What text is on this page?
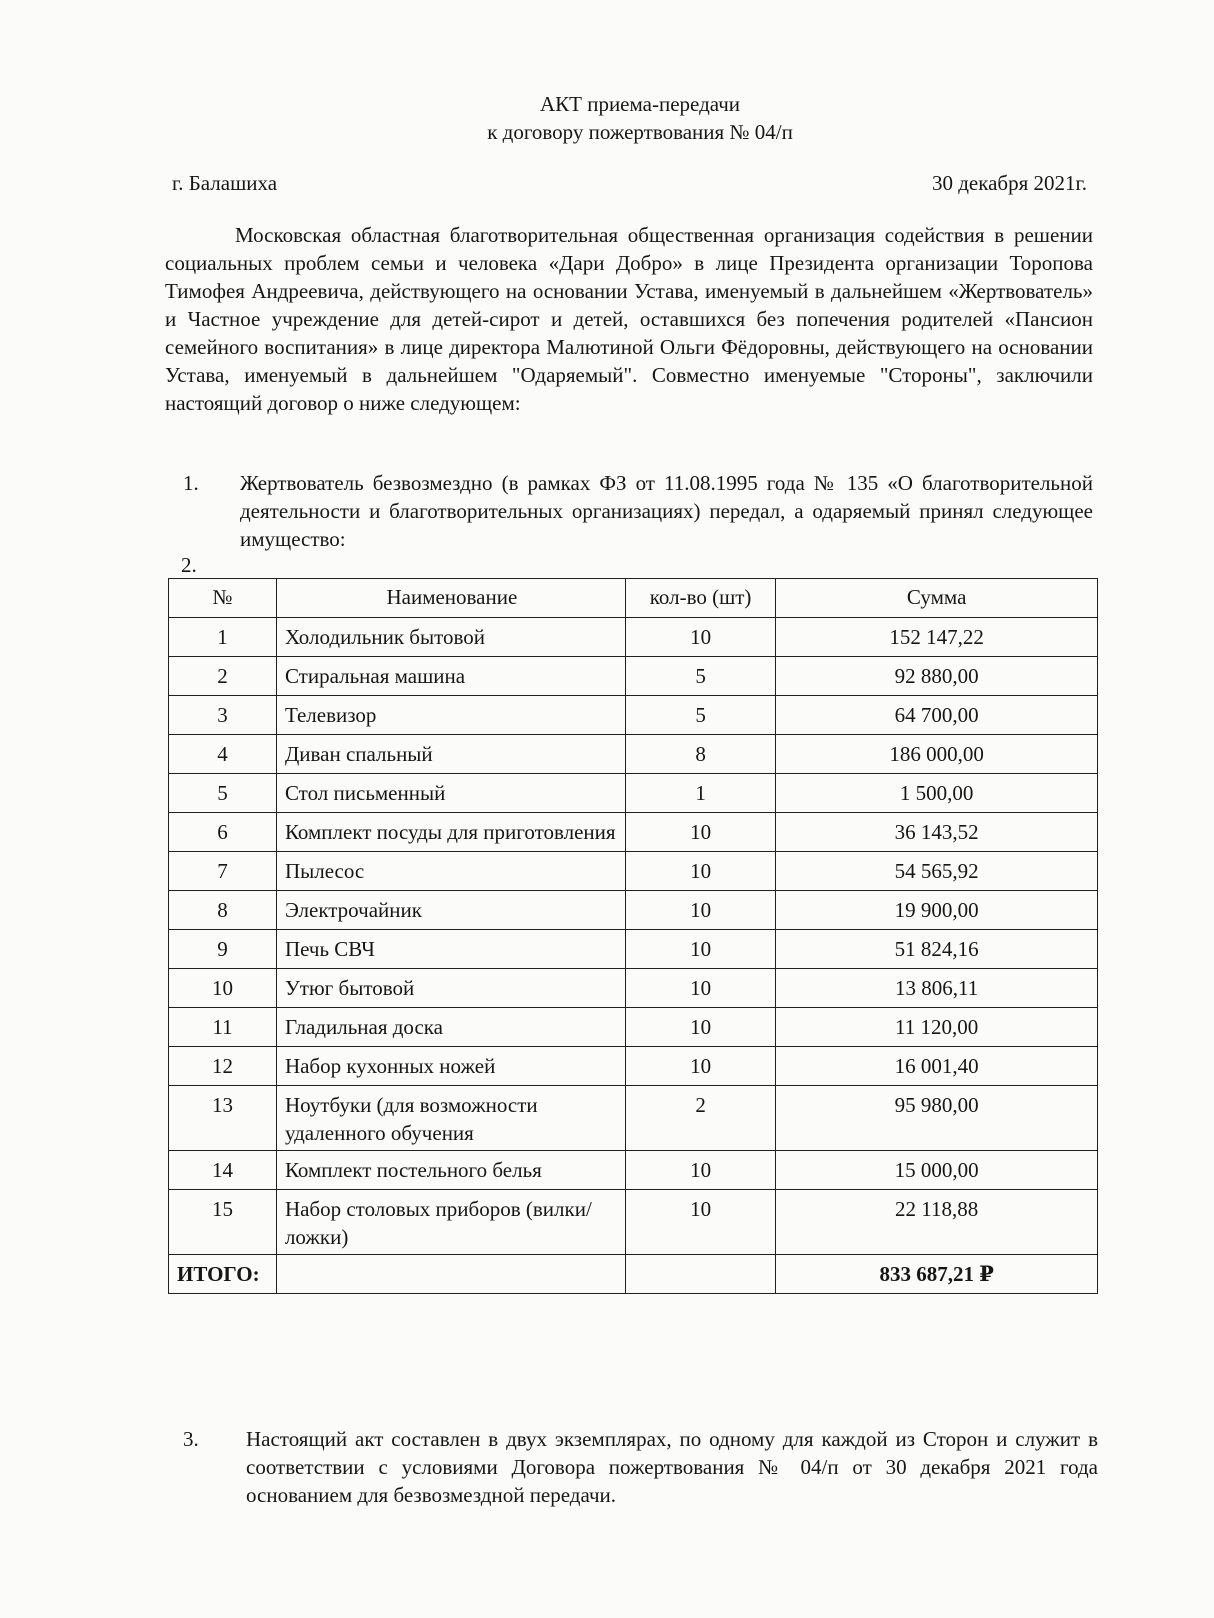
АКТ приема-передачи
к договору пожертвования № 04/п
г. Балашиха	30 декабря 2021г.

Московская областная благотворительная общественная организация содействия в решении социальных проблем семьи и человека «Дари Добро» в лице Президента организации Торопова Тимофея Андреевича, действующего на основании Устава, именуемый в дальнейшем «Жертвователь» и Частное учреждение для детей-сирот и детей, оставшихся без попечения родителей «Пансион семейного воспитания» в лице директора Малютиной Ольги Фёдоровны, действующего на основании Устава, именуемый в дальнейшем "Одаряемый". Совместно именуемые "Стороны", заключили настоящий договор о ниже следующем:

1. Жертвователь безвозмездно (в рамках ФЗ от 11.08.1995 года № 135 «О благотворительной деятельности и благотворительных организациях) передал, а одаряемый принял следующее имущество:

2.
№	Наименование	кол-во (шт)	Сумма
1	Холодильник бытовой	10	152 147,22
2	Стиральная машина	5	92 880,00
3	Телевизор	5	64 700,00
4	Диван спальный	8	186 000,00
5	Стол письменный	1	1 500,00
6	Комплект посуды для приготовления	10	36 143,52
7	Пылесос	10	54 565,92
8	Электрочайник	10	19 900,00
9	Печь СВЧ	10	51 824,16
10	Утюг бытовой	10	13 806,11
11	Гладильная доска	10	11 120,00
12	Набор кухонных ножей	10	16 001,40
13	Ноутбуки (для возможности удаленного обучения	2	95 980,00
14	Комплект постельного белья	10	15 000,00
15	Набор столовых приборов (вилки/ложки)	10	22 118,88
ИТОГО:			833 687,21 ₽
3. Настоящий акт составлен в двух экземплярах, по одному для каждой из Сторон и служит в соответствии с условиями Договора пожертвования № 04/п от 30 декабря 2021 года основанием для безвозмездной передачи.
